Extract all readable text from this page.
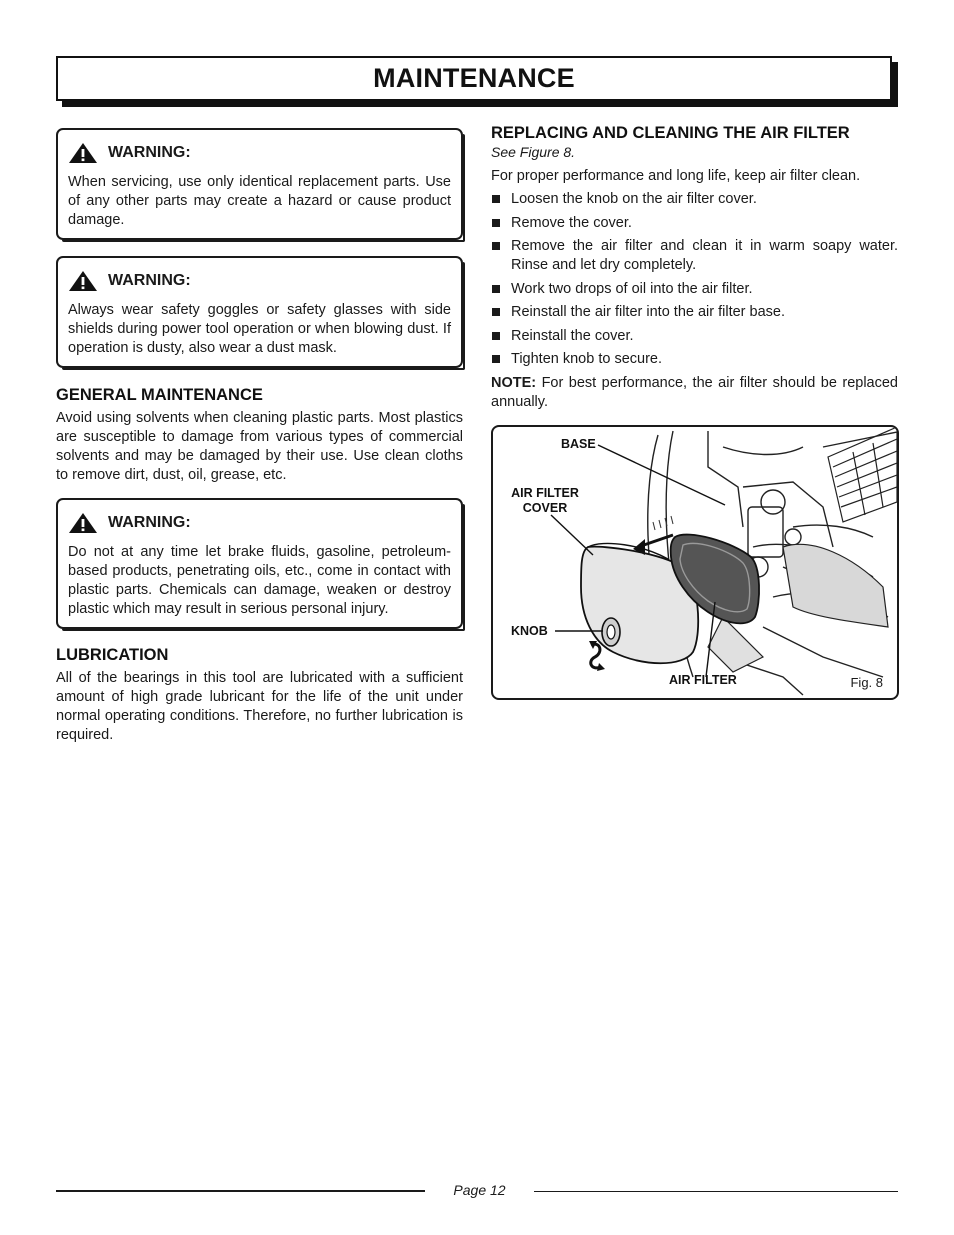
MAINTENANCE
WARNING:

When servicing, use only identical replacement parts. Use of any other parts may create a hazard or cause product damage.

WARNING:

Always wear safety goggles or safety glasses with side shields during power tool operation or when blowing dust. If operation is dusty, also wear a dust mask.

GENERAL MAINTENANCE

Avoid using solvents when cleaning plastic parts. Most plastics are susceptible to damage from various types of commercial solvents and may be damaged by their use. Use clean cloths to remove dirt, dust, oil, grease, etc.

WARNING:

Do not at any time let brake fluids, gasoline, petroleum-based products, penetrating oils, etc., come in contact with plastic parts. Chemicals can damage, weaken or destroy plastic which may result in serious personal injury.

LUBRICATION

All of the bearings in this tool are lubricated with a sufficient amount of high grade lubricant for the life of the unit under normal operating conditions. Therefore, no further lubrication is required.

REPLACING AND CLEANING THE AIR FILTER

See Figure 8.

For proper performance and long life, keep air filter clean.

Loosen the knob on the air filter cover.
Remove the cover.
Remove the air filter and clean it in warm soapy water. Rinse and let dry completely.
Work two drops of oil into the air filter.
Reinstall the air filter into the air filter base.
Reinstall the cover.
Tighten knob to secure.

NOTE: For best performance, the air filter should be replaced annually.

BASE
AIR FILTER
COVER
KNOB
AIR FILTER	Fig. 8
Page 12
